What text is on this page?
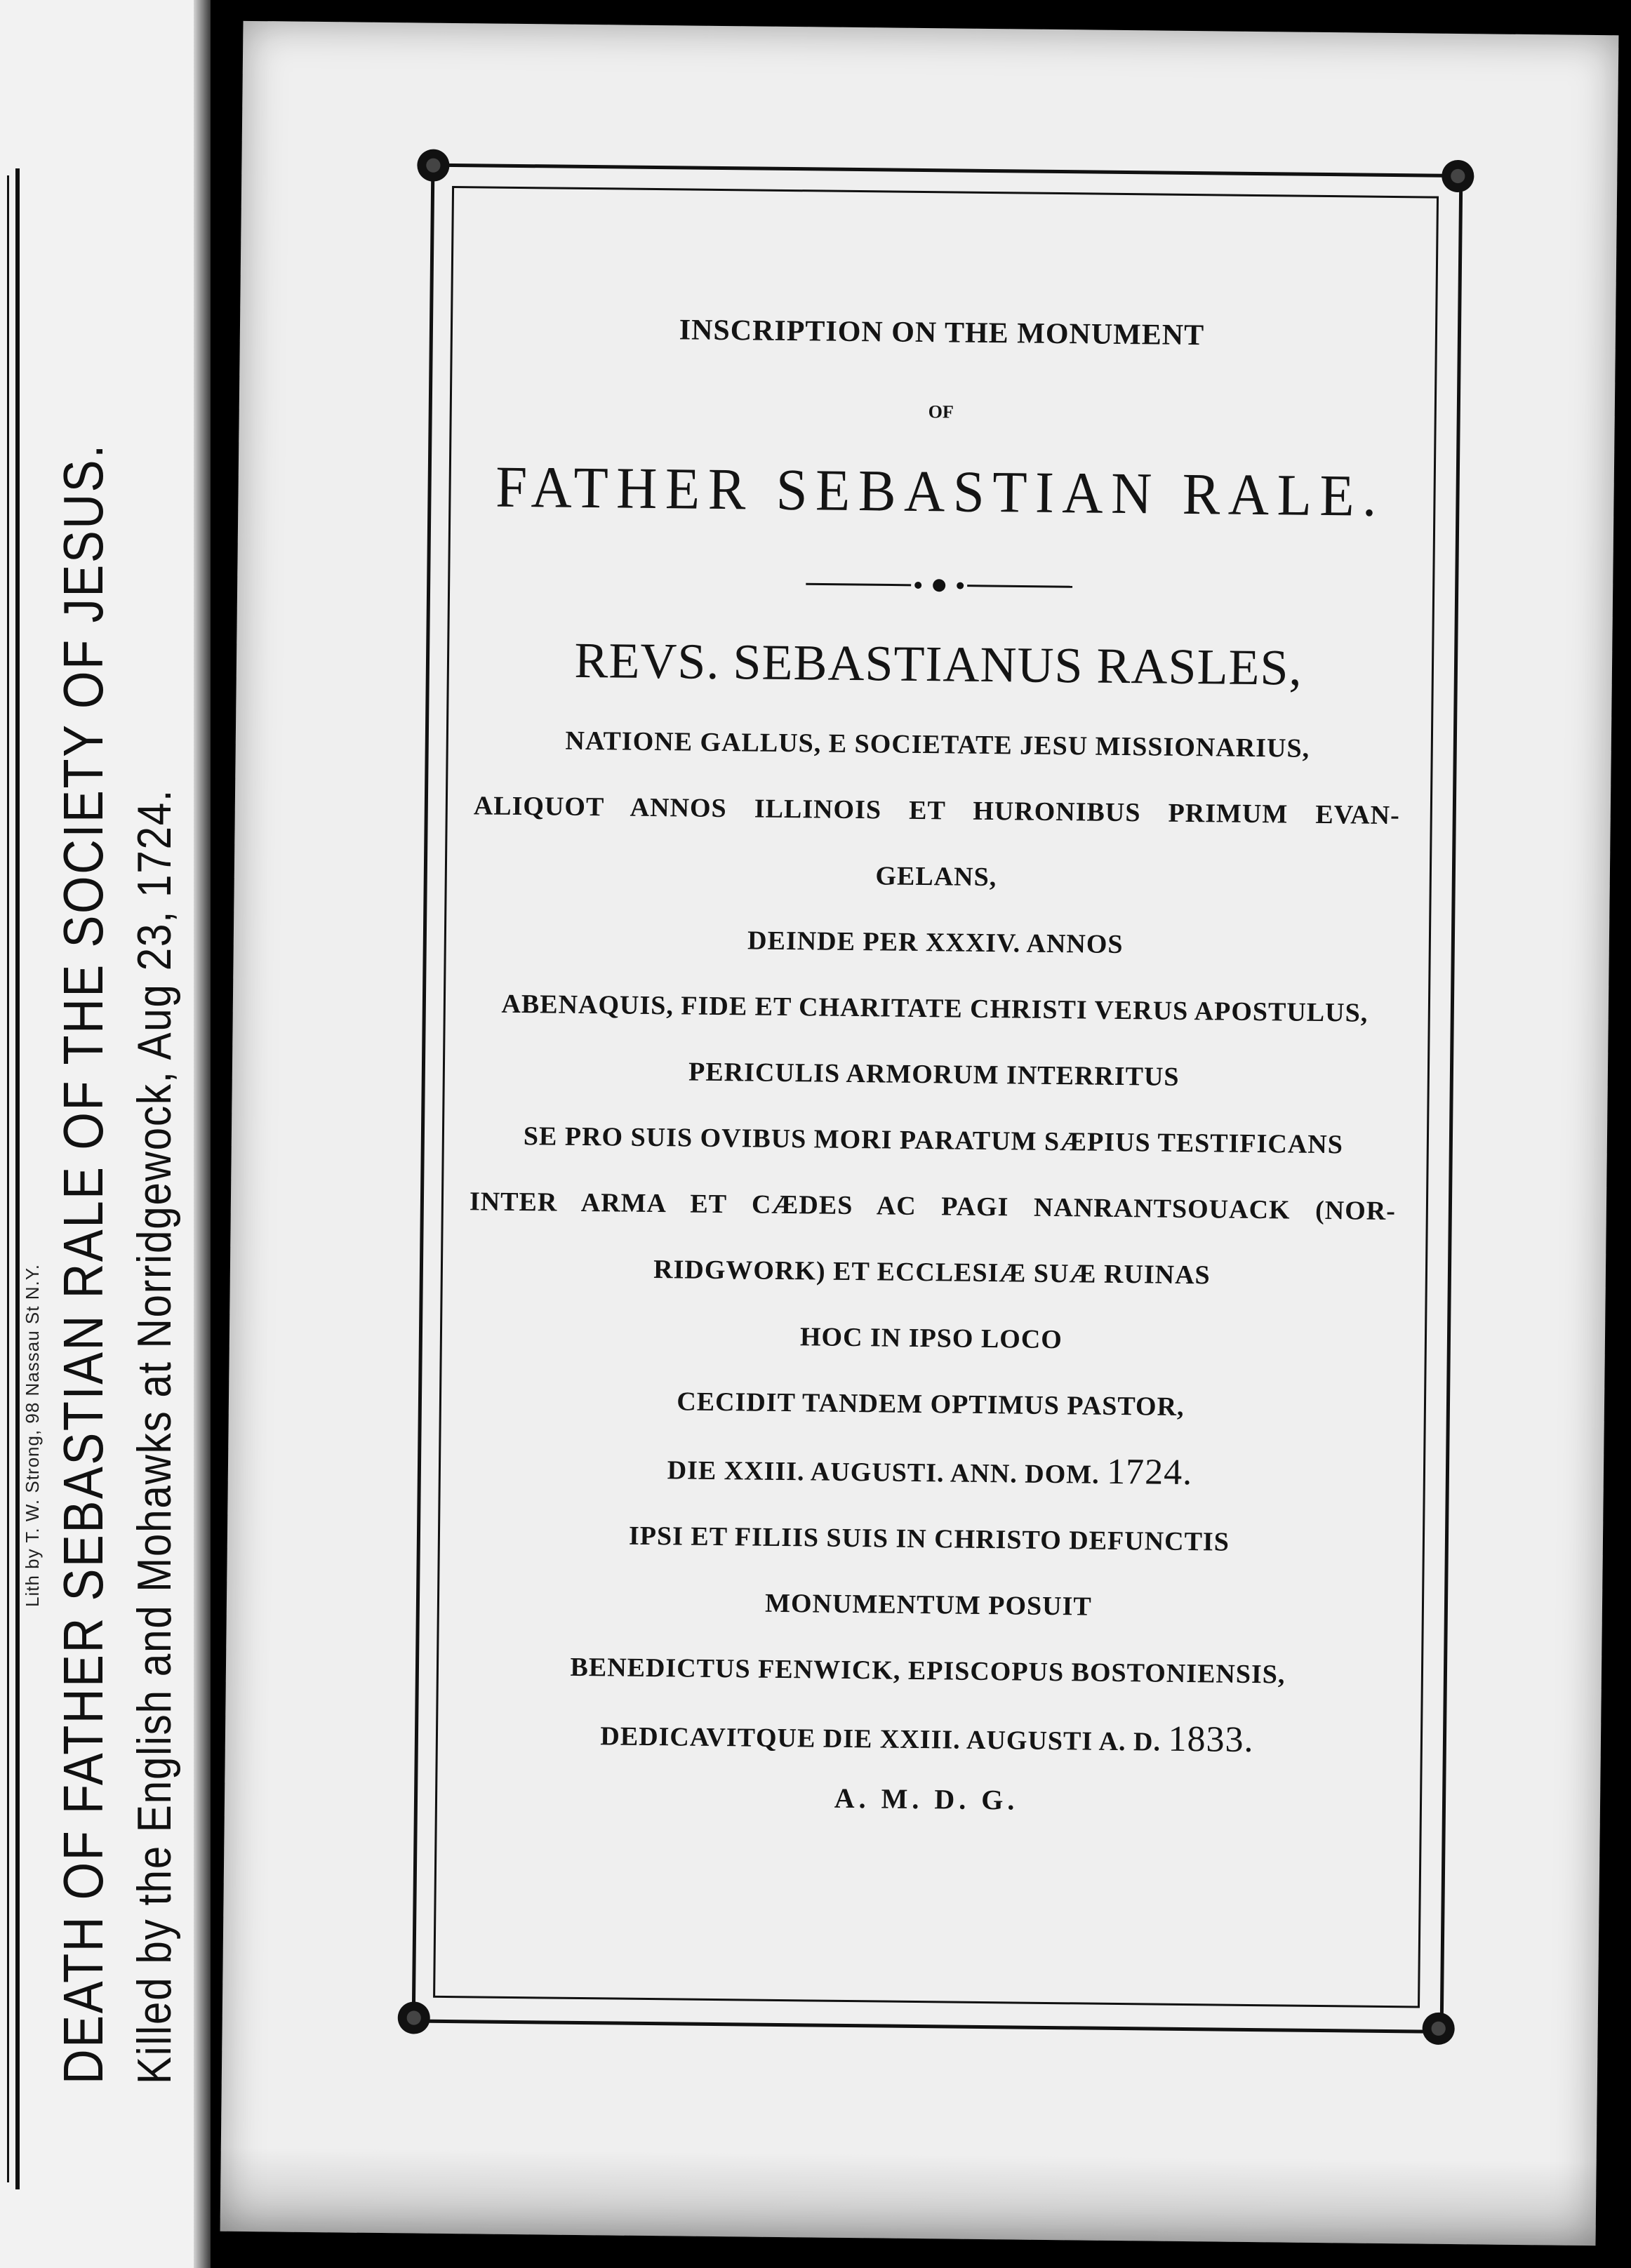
Lith by T. W. Strong, 98 Nassau St N.Y. DEATH OF FATHER SEBASTIAN RALE OF THE SOCIETY OF JESUS. Killed by the English and Mohawks at Norridgewock, Aug 23, 1724.
INSCRIPTION ON THE MONUMENT
OF
FATHER SEBASTIAN RALE.
REVS. SEBASTIANUS RASLES,
NATIONE GALLUS, E SOCIETATE JESU MISSIONARIUS,
ALIQUOT ANNOS ILLINOIS ET HURONIBUS PRIMUM EVAN-
GELANS,
DEINDE PER XXXIV. ANNOS
ABENAQUIS, FIDE ET CHARITATE CHRISTI VERUS APOSTULUS,
PERICULIS ARMORUM INTERRITUS
SE PRO SUIS OVIBUS MORI PARATUM SÆPIUS TESTIFICANS
INTER ARMA ET CÆDES AC PAGI NANRANTSOUACK (NOR-
RIDGWORK) ET ECCLESIÆ SUÆ RUINAS
HOC IN IPSO LOCO
CECIDIT TANDEM OPTIMUS PASTOR,
DIE XXIII. AUGUSTI. ANN. DOM. 1724.
IPSI ET FILIIS SUIS IN CHRISTO DEFUNCTIS
MONUMENTUM POSUIT
BENEDICTUS FENWICK, EPISCOPUS BOSTONIENSIS,
DEDICAVITQUE DIE XXIII. AUGUSTI A. D. 1833.
A. M. D. G.
